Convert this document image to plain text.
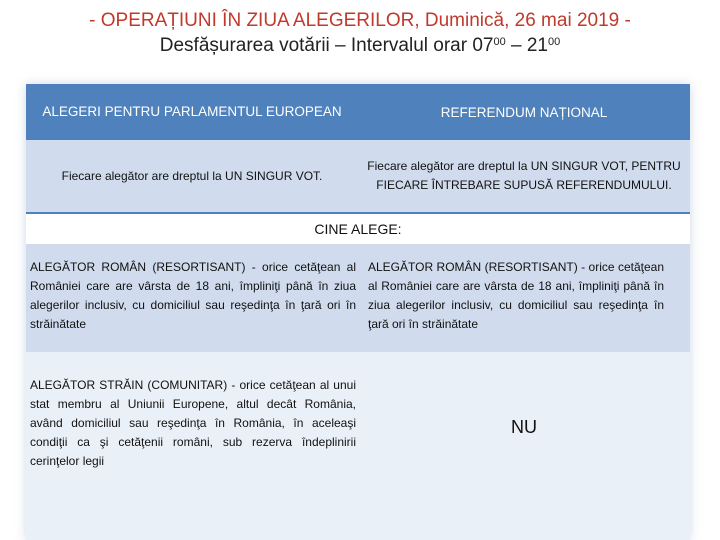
- OPERAȚIUNI ÎN ZIUA ALEGERILOR, Duminică, 26 mai 2019 -
Desfășurarea votării – Intervalul orar $07^{00} - 21^{00}$
ALEGERI PENTRU PARLAMENTUL EUROPEAN	REFERENDUM NAȚIONAL
Fiecare alegător are dreptul la UN SINGUR VOT.
Fiecare alegător are dreptul la UN SINGUR VOT, PENTRU FIECARE ÎNTREBARE SUPUSĂ REFERENDUMULUI.
CINE ALEGE:
ALEGĂTOR ROMÂN (RESORTISANT) - orice cetăţean al României care are vârsta de 18 ani, împliniţi până în ziua alegerilor inclusiv, cu domiciliul sau reşedinţa în ţară ori în străinătate
ALEGĂTOR ROMÂN (RESORTISANT) - orice cetăţean al României care are vârsta de 18 ani, împliniţi până în ziua alegerilor inclusiv, cu domiciliul sau reşedinţa în ţară ori în străinătate
ALEGĂTOR STRĂIN (COMUNITAR) - orice cetăţean al unui stat membru al Uniunii Europene, altul decât România, având domiciliul sau reşedinţa în România, în aceleaşi condiţii ca şi cetăţenii români, sub rezerva îndeplinirii cerinţelor legii
NU
